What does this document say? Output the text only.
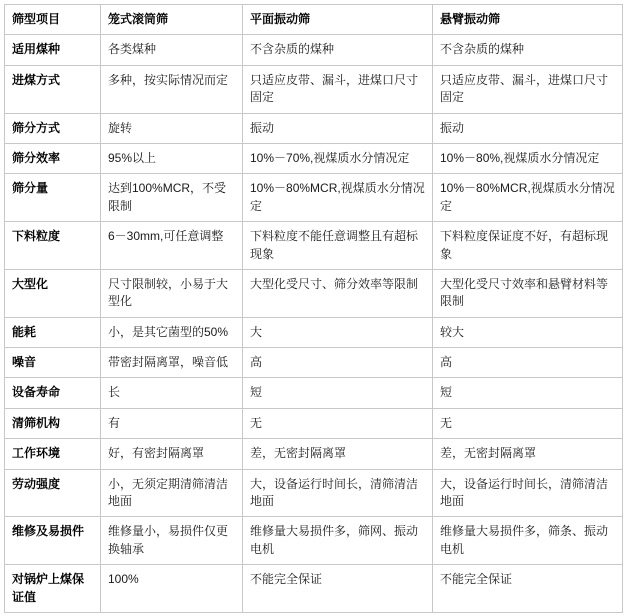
筛型项目	笼式滚筒筛	平面振动筛	悬臂振动筛
适用煤种	各类煤种	不含杂质的煤种	不含杂质的煤种
进煤方式	多种，按实际情况而定	只适应皮带、漏斗，进煤口尺寸固定	只适应皮带、漏斗，进煤口尺寸固定
筛分方式	旋转	振动	振动
筛分效率	95%以上	10%－70%,视煤质水分情况定	10%－80%,视煤质水分情况定
筛分量	达到100%MCR，不受限制	10%－80%MCR,视煤质水分情况定	10%－80%MCR,视煤质水分情况定
下料粒度	6－30mm,可任意调整	下料粒度不能任意调整且有超标现象	下料粒度保证度不好，有超标现象
大型化	尺寸限制较，小易于大型化	大型化受尺寸、筛分效率等限制	大型化受尺寸效率和悬臂材料等限制
能耗	小，是其它菌型的50%	大	较大
噪音	带密封隔离罩，噪音低	高	高
设备寿命	长	短	短
清筛机构	有	无	无
工作环境	好，有密封隔离罩	差，无密封隔离罩	差，无密封隔离罩
劳动强度	小，无须定期清筛清洁地面	大，设备运行时间长，清筛清洁地面	大，设备运行时间长，清筛清洁地面
维修及易损件	维修量小，易损件仅更换轴承	维修量大易损件多，筛网、振动电机	维修量大易损件多，筛条、振动电机
对锅炉上煤保证值	100%	不能完全保证	不能完全保证
